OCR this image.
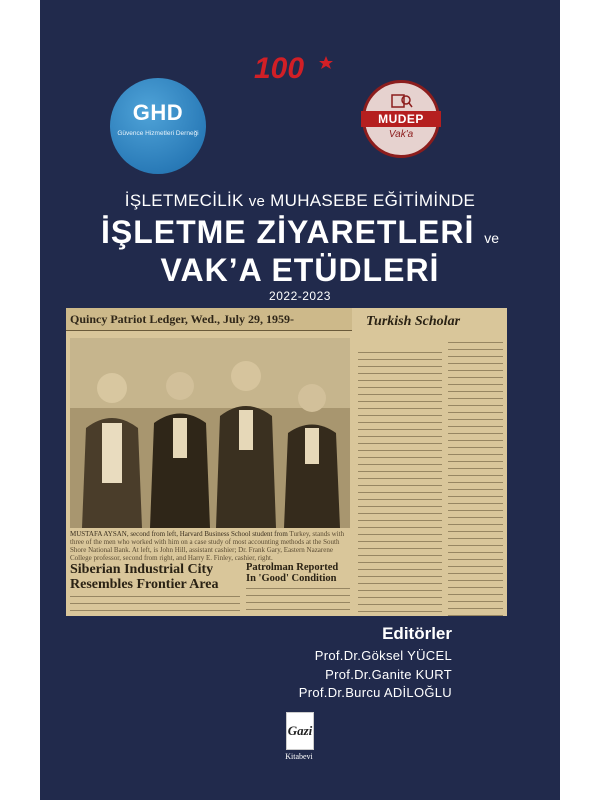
100
GHD
Güvence Hizmetleri Derneği
MUDEP
Vak'a
İŞLETMECİLİK ve MUHASEBE EĞİTİMİNDE
İŞLETME ZİYARETLERİ ve
VAK’A ETÜDLERİ
2022-2023
Quincy Patriot Ledger, Wed., July 29, 1959-
MUSTAFA AYSAN, second from left, Harvard Business School student from Turkey, stands with three of the men who worked with him on a case study of most accounting methods at the South Shore National Bank. At left, is John Hill, assistant cashier; Dr. Frank Gary, Eastern Nazarene College professor, second from right, and Harry E. Finley, cashier, right.
Siberian Industrial City Resembles Frontier Area
Patrolman Reported In 'Good' Condition
Turkish Scholar
Editörler
Prof.Dr.Göksel YÜCEL
Prof.Dr.Ganite KURT
Prof.Dr.Burcu ADİLOĞLU
Gazi
Kitabevi
